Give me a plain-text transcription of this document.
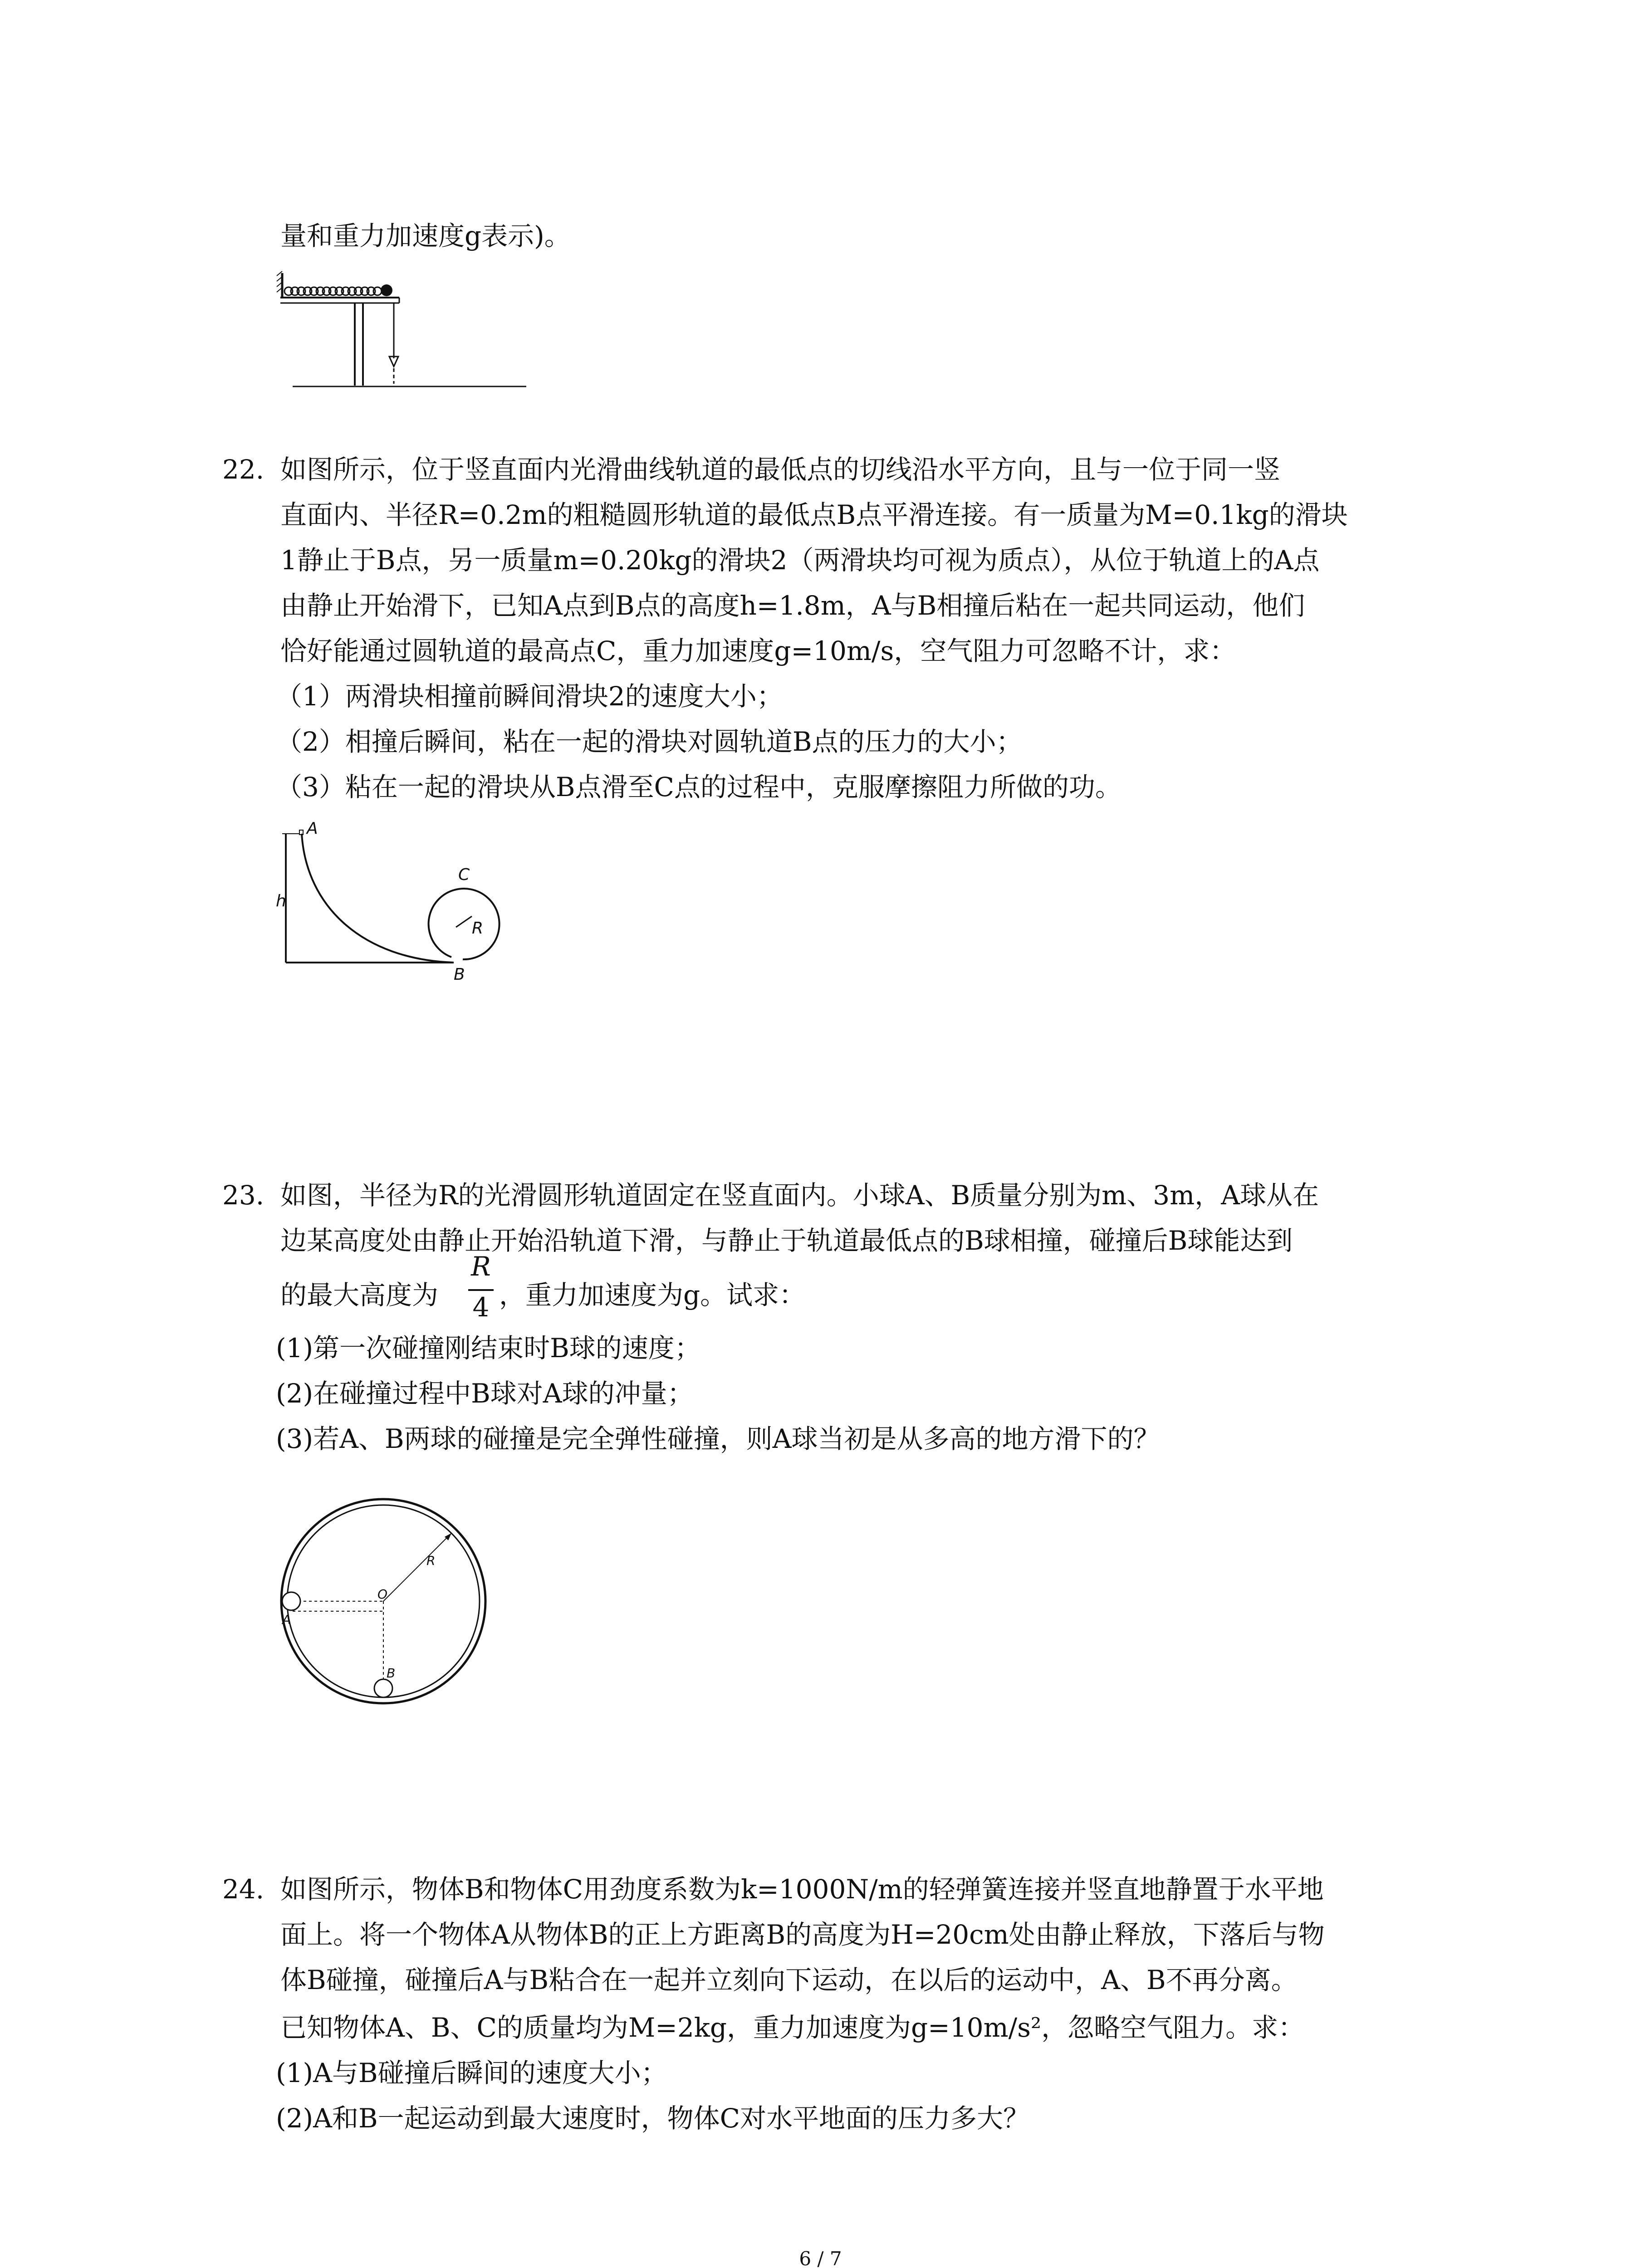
量和重力加速度g表示)。
22. 如图所示，位于竖直面内光滑曲线轨道的最低点的切线沿水平方向，且与一位于同一竖
直面内、半径R=0.2m的粗糙圆形轨道的最低点B点平滑连接。有一质量为M=0.1kg的滑块
1静止于B点，另一质量m=0.20kg的滑块2（两滑块均可视为质点），从位于轨道上的A点
由静止开始滑下，已知A点到B点的高度h=1.8m，A与B相撞后粘在一起共同运动，他们
恰好能通过圆轨道的最高点C，重力加速度g=10m/s，空气阻力可忽略不计，求：
（1）两滑块相撞前瞬间滑块2的速度大小；
（2）相撞后瞬间，粘在一起的滑块对圆轨道B点的压力的大小；
（3）粘在一起的滑块从B点滑至C点的过程中，克服摩擦阻力所做的功。
h
A
R
C
B
23. 如图，半径为R的光滑圆形轨道固定在竖直面内。小球A、B质量分别为m、3m，A球从在
边某高度处由静止开始沿轨道下滑，与静止于轨道最低点的B球相撞，碰撞后B球能达到
的最大高度为
R
4 ，重力加速度为g。试求：
(1)第一次碰撞刚结束时B球的速度；
(2)在碰撞过程中B球对A球的冲量；
(3)若A、B两球的碰撞是完全弹性碰撞，则A球当初是从多高的地方滑下的？
O
R
A
B
24. 如图所示，物体B和物体C用劲度系数为k=1000N/m的轻弹簧连接并竖直地静置于水平地
面上。将一个物体A从物体B的正上方距离B的高度为H=20cm处由静止释放，下落后与物
体B碰撞，碰撞后A与B粘合在一起并立刻向下运动，在以后的运动中，A、B不再分离。
已知物体A、B、C的质量均为M=2kg，重力加速度为g=10m/s²，忽略空气阻力。求：
(1)A与B碰撞后瞬间的速度大小；
(2)A和B一起运动到最大速度时，物体C对水平地面的压力多大？
6 / 7
